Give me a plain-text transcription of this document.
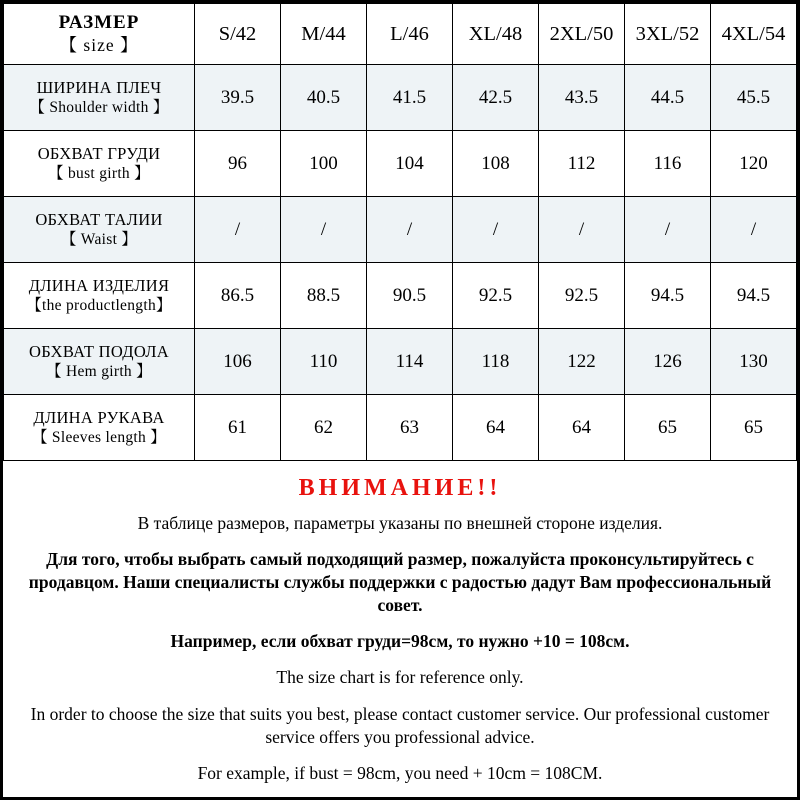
РАЗМЕР
【 size 】	S/42	M/44	L/46	XL/48	2XL/50	3XL/52	4XL/54

ШИРИНА ПЛЕЧ
【 Shoulder width 】	39.5	40.5	41.5	42.5	43.5	44.5	45.5

ОБХВАТ ГРУДИ
【 bust girth 】	96	100	104	108	112	116	120

ОБХВАТ ТАЛИИ
【 Waist 】	/	/	/	/	/	/	/

ДЛИНА ИЗДЕЛИЯ
【the productlength】	86.5	88.5	90.5	92.5	92.5	94.5	94.5

ОБХВАТ ПОДОЛА
【 Hem girth 】	106	110	114	118	122	126	130

ДЛИНА РУКАВА
【 Sleeves length 】	61	62	63	64	64	65	65
ВНИМАНИЕ!!

В таблице размеров, параметры указаны по внешней стороне изделия.

Для того, чтобы выбрать самый подходящий размер, пожалуйста проконсультируйтесь с продавцом. Наши специалисты службы поддержки с радостью дадут Вам профессиональный совет.

Например, если обхват груди=98см, то нужно +10 = 108см.

The size chart is for reference only.

In order to choose the size that suits you best, please contact customer service. Our professional customer service offers you professional advice.

For example, if bust = 98cm, you need + 10cm = 108CM.
